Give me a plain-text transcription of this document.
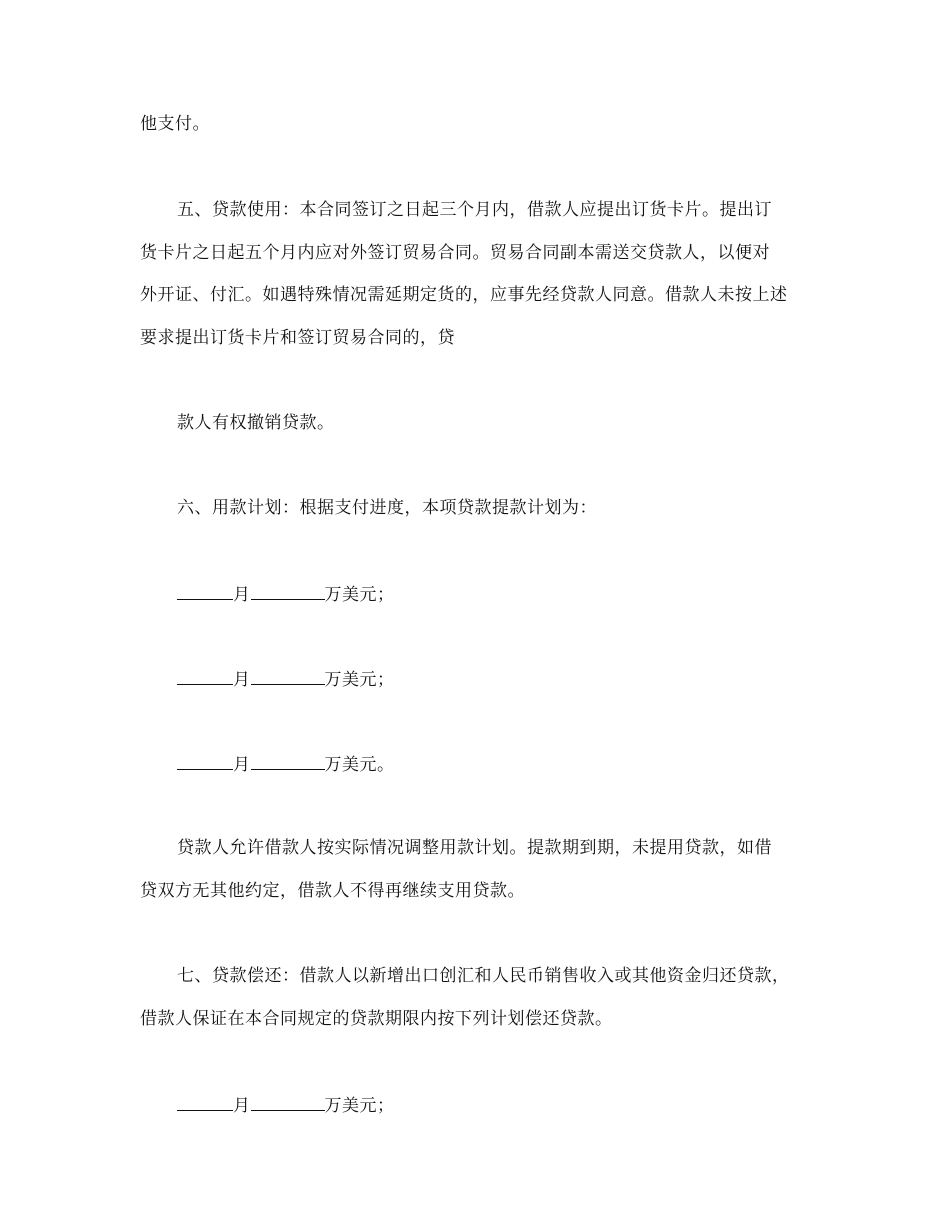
他支付。
五、贷款使用：本合同签订之日起三个月内，借款人应提出订货卡片。提出订
货卡片之日起五个月内应对外签订贸易合同。贸易合同副本需送交贷款人，以便对
外开证、付汇。如遇特殊情况需延期定货的，应事先经贷款人同意。借款人未按上述
要求提出订货卡片和签订贸易合同的，贷
款人有权撤销贷款。
六、用款计划：根据支付进度，本项贷款提款计划为：
月	万美元；
月	万美元；
月	万美元。
贷款人允许借款人按实际情况调整用款计划。提款期到期，未提用贷款，如借
贷双方无其他约定，借款人不得再继续支用贷款。
七、贷款偿还：借款人以新增出口创汇和人民币销售收入或其他资金归还贷款，
借款人保证在本合同规定的贷款期限内按下列计划偿还贷款。
月	万美元；
